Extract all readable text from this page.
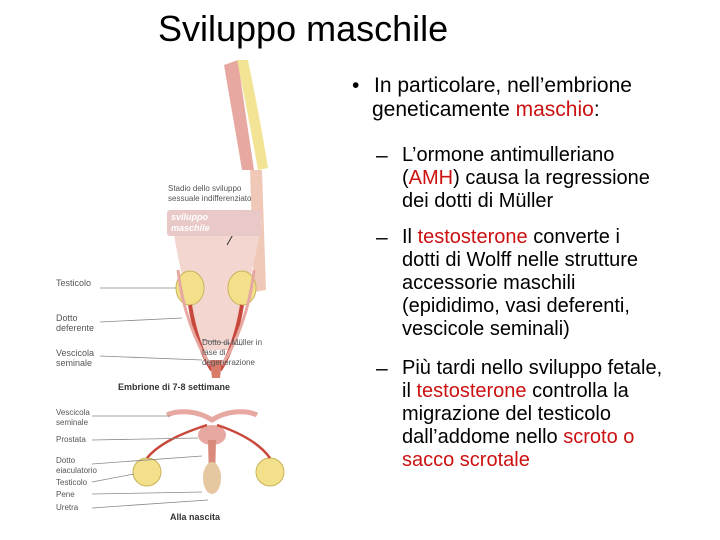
Sviluppo maschile
Stadio dello sviluppo
sessuale indifferenziato
sviluppo
maschile
Testicolo
Dotto
deferente
Vescicola
seminale
Dotto di Müller in
fase di
degenerazione
Embrione di 7-8 settimane
Vescicola
seminale
Prostata
Dotto
eiaculatorio
Testicolo
Pene
Uretra
Alla nascita
• In particolare, nell’embrione
geneticamente maschio:
– L’ormone antimulleriano
(AMH) causa la regressione
dei dotti di Müller
– Il testosterone converte i
dotti di Wolff nelle strutture
accessorie maschili
(epididimo, vasi deferenti,
vescicole seminali)
– Più tardi nello sviluppo fetale,
il testosterone controlla la
migrazione del testicolo
dall’addome nello scroto o
sacco scrotale
